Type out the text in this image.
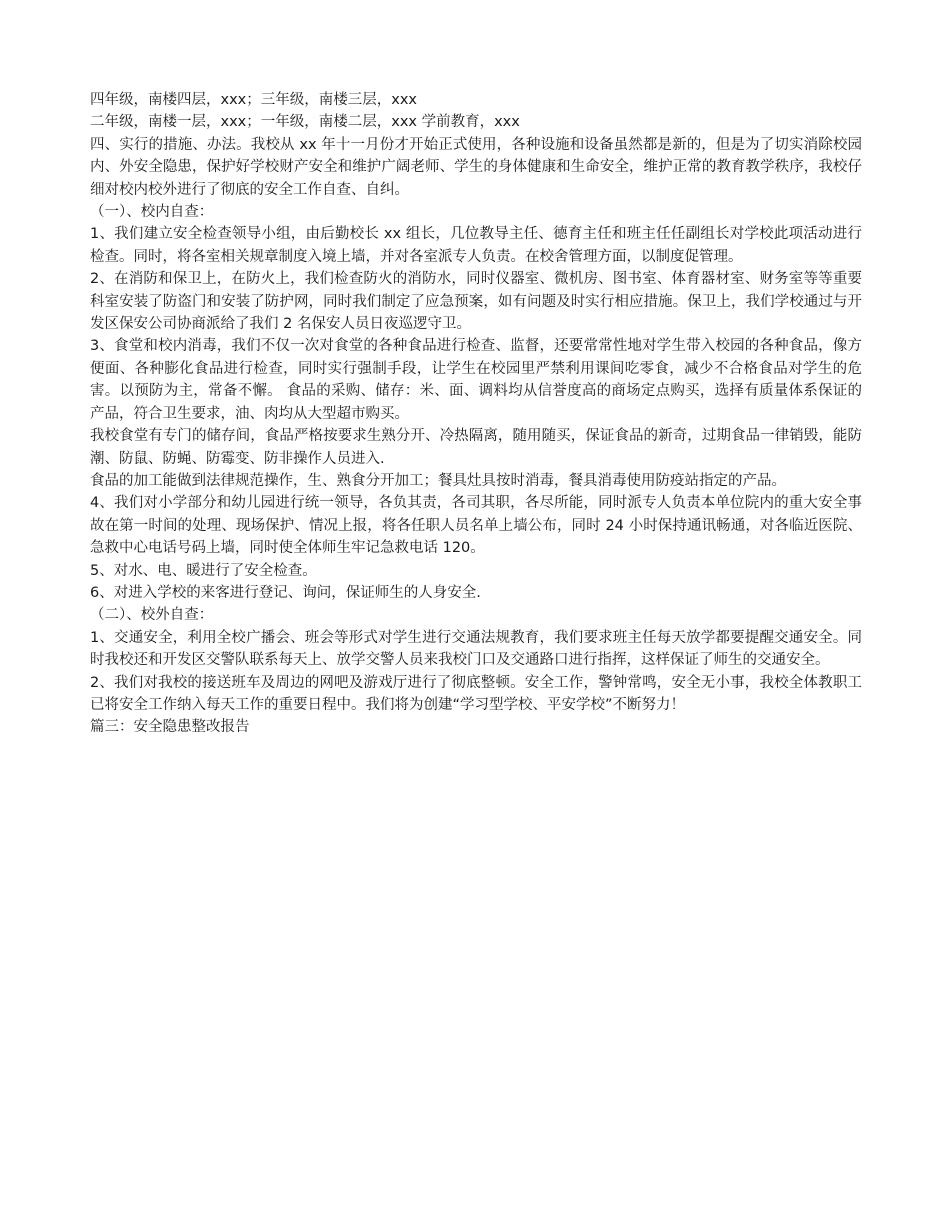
四年级，南楼四层，xxx；三年级，南楼三层，xxx

二年级，南楼一层，xxx；一年级，南楼二层，xxx 学前教育，xxx

四、实行的措施、办法。我校从 xx 年十一月份才开始正式使用，各种设施和设备虽然都是新的，但是为了切实消除校园内、外安全隐患，保护好学校财产安全和维护广阔老师、学生的身体健康和生命安全，维护正常的教育教学秩序，我校仔细对校内校外进行了彻底的安全工作自查、自纠。

（一）、校内自查：

1、我们建立安全检查领导小组，由后勤校长 xx 组长，几位教导主任、德育主任和班主任任副组长对学校此项活动进行检查。同时，将各室相关规章制度入境上墙，并对各室派专人负责。在校舍管理方面，以制度促管理。

2、在消防和保卫上，在防火上，我们检查防火的消防水，同时仪器室、微机房、图书室、体育器材室、财务室等等重要科室安装了防盗门和安装了防护网，同时我们制定了应急预案，如有问题及时实行相应措施。保卫上，我们学校通过与开发区保安公司协商派给了我们 2 名保安人员日夜巡逻守卫。

3、食堂和校内消毒，我们不仅一次对食堂的各种食品进行检查、监督，还要常常性地对学生带入校园的各种食品，像方便面、各种膨化食品进行检查，同时实行强制手段，让学生在校园里严禁利用课间吃零食，减少不合格食品对学生的危害。以预防为主，常备不懈。 食品的采购、储存：米、面、调料均从信誉度高的商场定点购买，选择有质量体系保证的产品，符合卫生要求，油、肉均从大型超市购买。

我校食堂有专门的储存间，食品严格按要求生熟分开、冷热隔离，随用随买，保证食品的新奇，过期食品一律销毁，能防潮、防鼠、防蝇、防霉变、防非操作人员进入.

食品的加工能做到法律规范操作，生、熟食分开加工；餐具灶具按时消毒，餐具消毒使用防疫站指定的产品。

4、我们对小学部分和幼儿园进行统一领导，各负其责，各司其职，各尽所能，同时派专人负责本单位院内的重大安全事故在第一时间的处理、现场保护、情况上报，将各任职人员名单上墙公布，同时 24 小时保持通讯畅通，对各临近医院、急救中心电话号码上墙，同时使全体师生牢记急救电话 120。

5、对水、电、暖进行了安全检查。

6、对进入学校的来客进行登记、询问，保证师生的人身安全.

（二）、校外自查：

1、交通安全，利用全校广播会、班会等形式对学生进行交通法规教育，我们要求班主任每天放学都要提醒交通安全。同时我校还和开发区交警队联系每天上、放学交警人员来我校门口及交通路口进行指挥，这样保证了师生的交通安全。

2、我们对我校的接送班车及周边的网吧及游戏厅进行了彻底整顿。安全工作，警钟常鸣，安全无小事，我校全体教职工已将安全工作纳入每天工作的重要日程中。我们将为创建“学习型学校、平安学校”不断努力！

篇三：安全隐患整改报告
